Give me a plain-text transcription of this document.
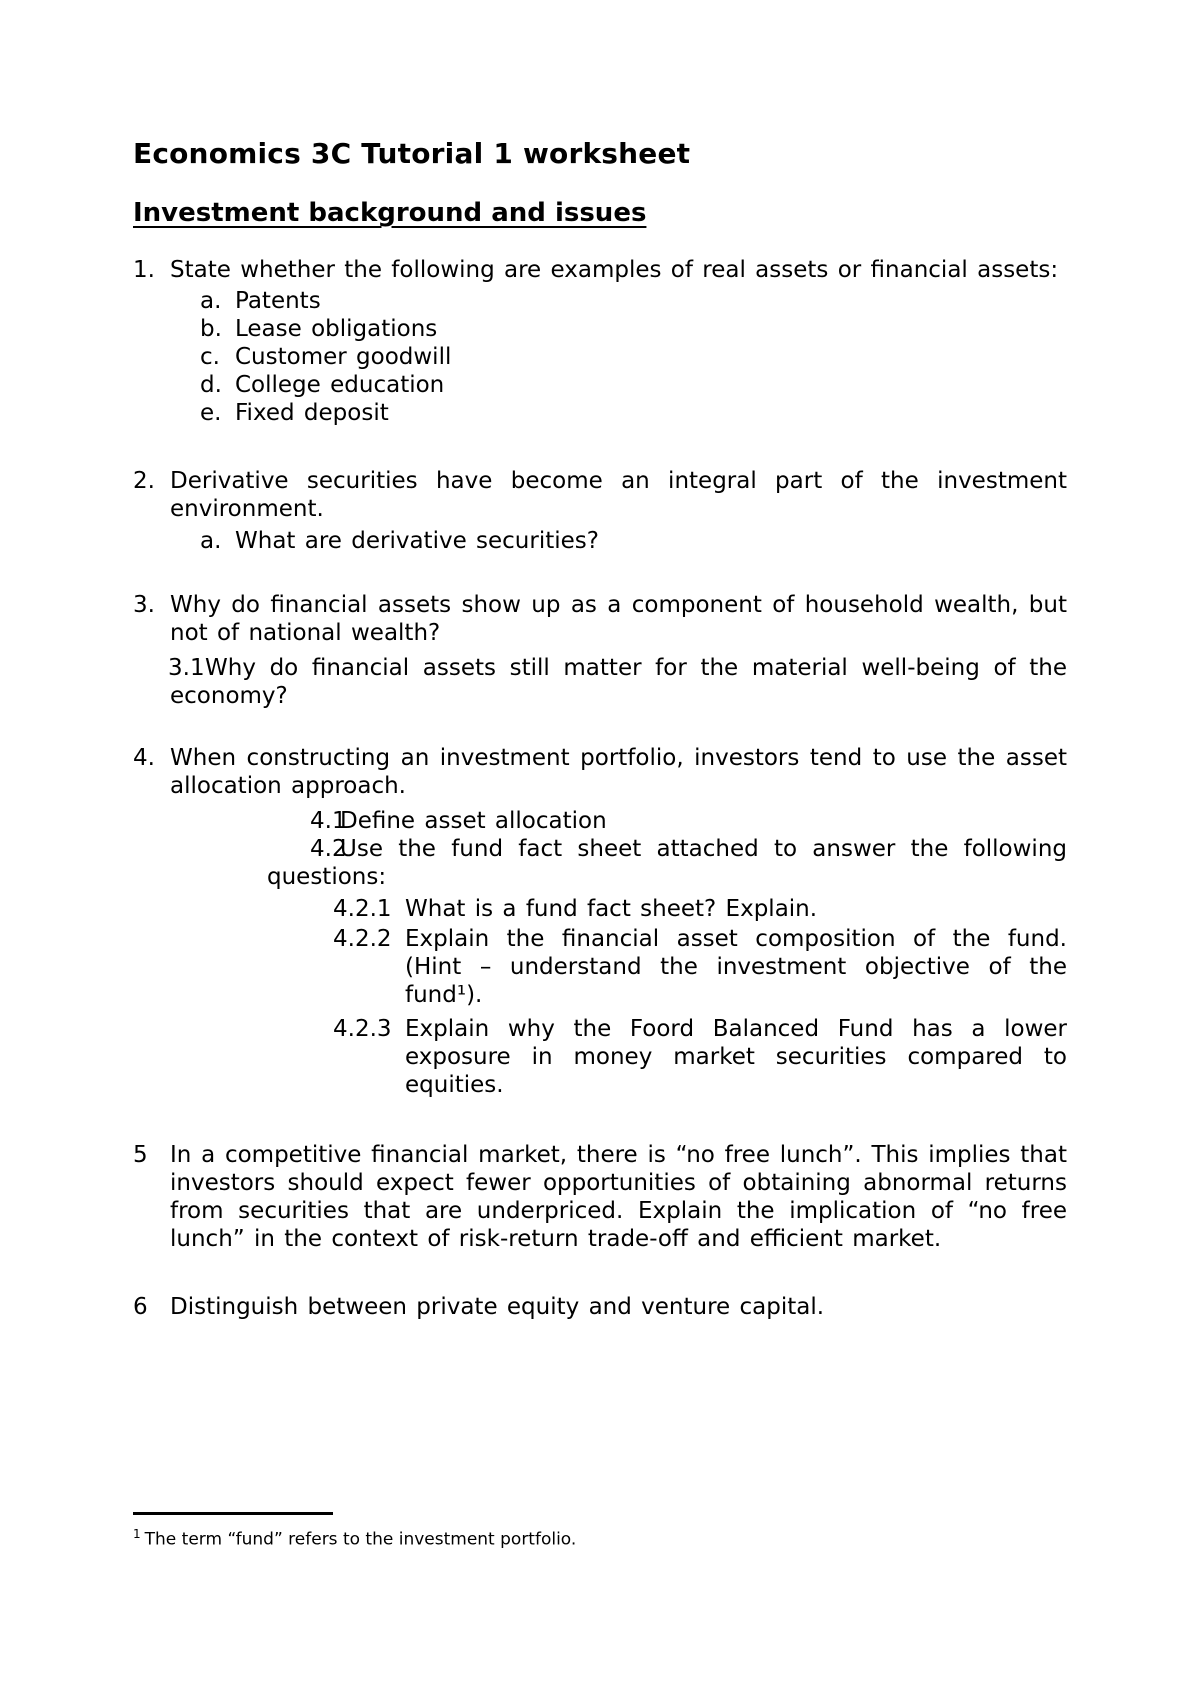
Economics 3C Tutorial 1 worksheet
Investment background and issues
1. State whether the following are examples of real assets or financial assets:
a. Patents
b. Lease obligations
c. Customer goodwill
d. College education
e. Fixed deposit
2. Derivative securities have become an integral part of the investment environment.
a. What are derivative securities?
3. Why do financial assets show up as a component of household wealth, but not of national wealth?
3.1 Why do financial assets still matter for the material well-being of the economy?
4. When constructing an investment portfolio, investors tend to use the asset allocation approach.
4.1
Define asset allocation
4.2
Use the fund fact sheet attached to answer the following questions:
4.2.1 What is a fund fact sheet? Explain.
4.2.2 Explain the financial asset composition of the fund. (Hint – understand the investment objective of the fund¹).
4.2.3 Explain why the Foord Balanced Fund has a lower exposure in money market securities compared to equities.
5 In a competitive financial market, there is “no free lunch”. This implies that investors should expect fewer opportunities of obtaining abnormal returns from securities that are underpriced. Explain the implication of “no free lunch” in the context of risk-return trade-off and efficient market.
6 Distinguish between private equity and venture capital.
$^1$ The term “fund” refers to the investment portfolio.
